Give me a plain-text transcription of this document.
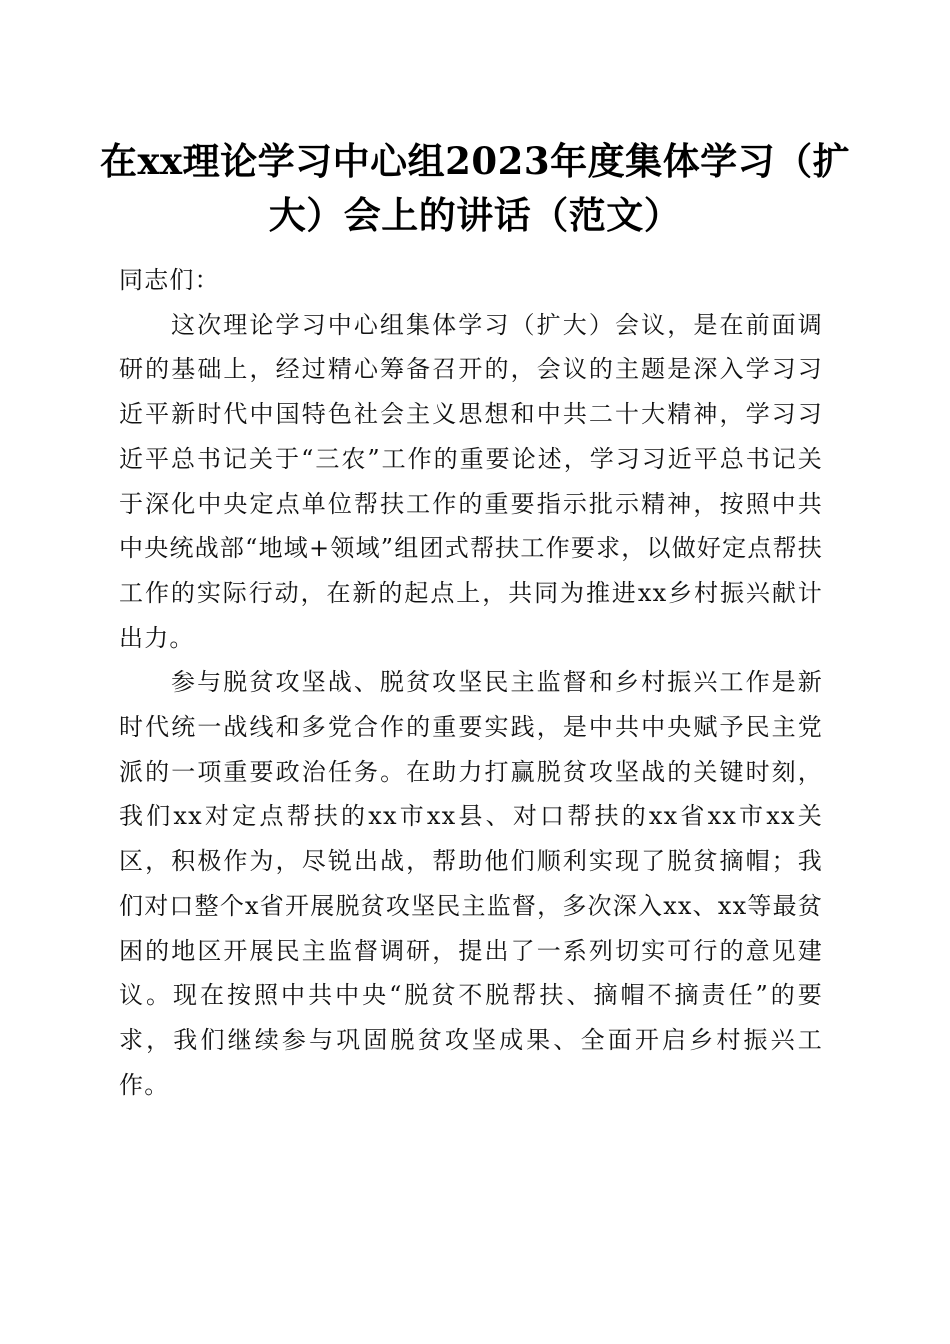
在xx理论学习中心组2023年度集体学习（扩
大）会上的讲话（范文）

同志们：

这次理论学习中心组集体学习（扩大）会议，是在前面调研的基础上，经过精心筹备召开的，会议的主题是深入学习习近平新时代中国特色社会主义思想和中共二十大精神，学习习近平总书记关于“三农”工作的重要论述，学习习近平总书记关于深化中央定点单位帮扶工作的重要指示批示精神，按照中共中央统战部“地域+领域”组团式帮扶工作要求，以做好定点帮扶工作的实际行动，在新的起点上，共同为推进xx乡村振兴献计出力。

参与脱贫攻坚战、脱贫攻坚民主监督和乡村振兴工作是新时代统一战线和多党合作的重要实践，是中共中央赋予民主党派的一项重要政治任务。在助力打赢脱贫攻坚战的关键时刻，我们xx对定点帮扶的xx市xx县、对口帮扶的xx省xx市xx关区，积极作为，尽锐出战，帮助他们顺利实现了脱贫摘帽；我们对口整个x省开展脱贫攻坚民主监督，多次深入xx、xx等最贫困的地区开展民主监督调研，提出了一系列切实可行的意见建议。现在按照中共中央“脱贫不脱帮扶、摘帽不摘责任”的要求，我们继续参与巩固脱贫攻坚成果、全面开启乡村振兴工作。
